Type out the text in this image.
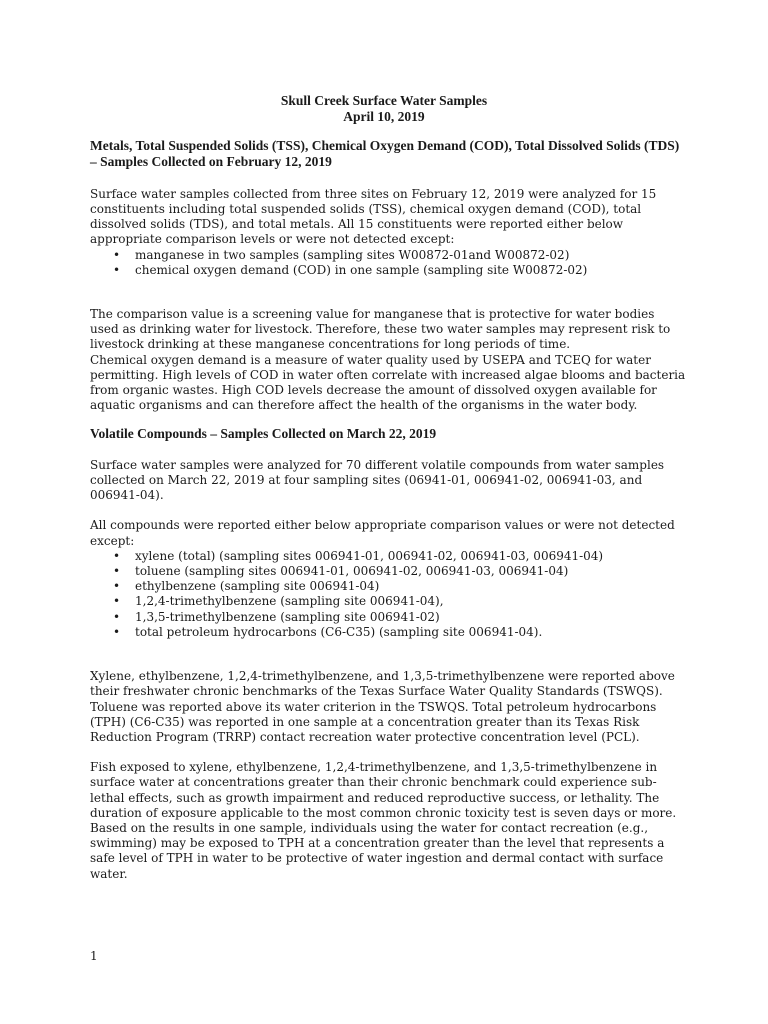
Skull Creek Surface Water Samples
April 10, 2019
Metals, Total Suspended Solids (TSS), Chemical Oxygen Demand (COD), Total Dissolved Solids (TDS) – Samples Collected on February 12, 2019

Surface water samples collected from three sites on February 12, 2019 were analyzed for 15 constituents including total suspended solids (TSS), chemical oxygen demand (COD), total dissolved solids (TDS), and total metals. All 15 constituents were reported either below appropriate comparison levels or were not detected except:

• manganese in two samples (sampling sites W00872-01and W00872-02)
• chemical oxygen demand (COD) in one sample (sampling site W00872-02)

The comparison value is a screening value for manganese that is protective for water bodies used as drinking water for livestock. Therefore, these two water samples may represent risk to livestock drinking at these manganese concentrations for long periods of time.

Chemical oxygen demand is a measure of water quality used by USEPA and TCEQ for water permitting. High levels of COD in water often correlate with increased algae blooms and bacteria from organic wastes. High COD levels decrease the amount of dissolved oxygen available for aquatic organisms and can therefore affect the health of the organisms in the water body.

Volatile Compounds – Samples Collected on March 22, 2019

Surface water samples were analyzed for 70 different volatile compounds from water samples collected on March 22, 2019 at four sampling sites (06941-01, 006941-02, 006941-03, and 006941-04).

All compounds were reported either below appropriate comparison values or were not detected except:

• xylene (total) (sampling sites 006941-01, 006941-02, 006941-03, 006941-04)
• toluene (sampling sites 006941-01, 006941-02, 006941-03, 006941-04)
• ethylbenzene (sampling site 006941-04)
• 1,2,4-trimethylbenzene (sampling site 006941-04),
• 1,3,5-trimethylbenzene (sampling site 006941-02)
• total petroleum hydrocarbons (C6-C35) (sampling site 006941-04).

Xylene, ethylbenzene, 1,2,4-trimethylbenzene, and 1,3,5-trimethylbenzene were reported above their freshwater chronic benchmarks of the Texas Surface Water Quality Standards (TSWQS). Toluene was reported above its water criterion in the TSWQS. Total petroleum hydrocarbons (TPH) (C6-C35) was reported in one sample at a concentration greater than its Texas Risk Reduction Program (TRRP) contact recreation water protective concentration level (PCL).

Fish exposed to xylene, ethylbenzene, 1,2,4-trimethylbenzene, and 1,3,5-trimethylbenzene in surface water at concentrations greater than their chronic benchmark could experience sub-lethal effects, such as growth impairment and reduced reproductive success, or lethality. The duration of exposure applicable to the most common chronic toxicity test is seven days or more. Based on the results in one sample, individuals using the water for contact recreation (e.g., swimming) may be exposed to TPH at a concentration greater than the level that represents a safe level of TPH in water to be protective of water ingestion and dermal contact with surface water.

1
